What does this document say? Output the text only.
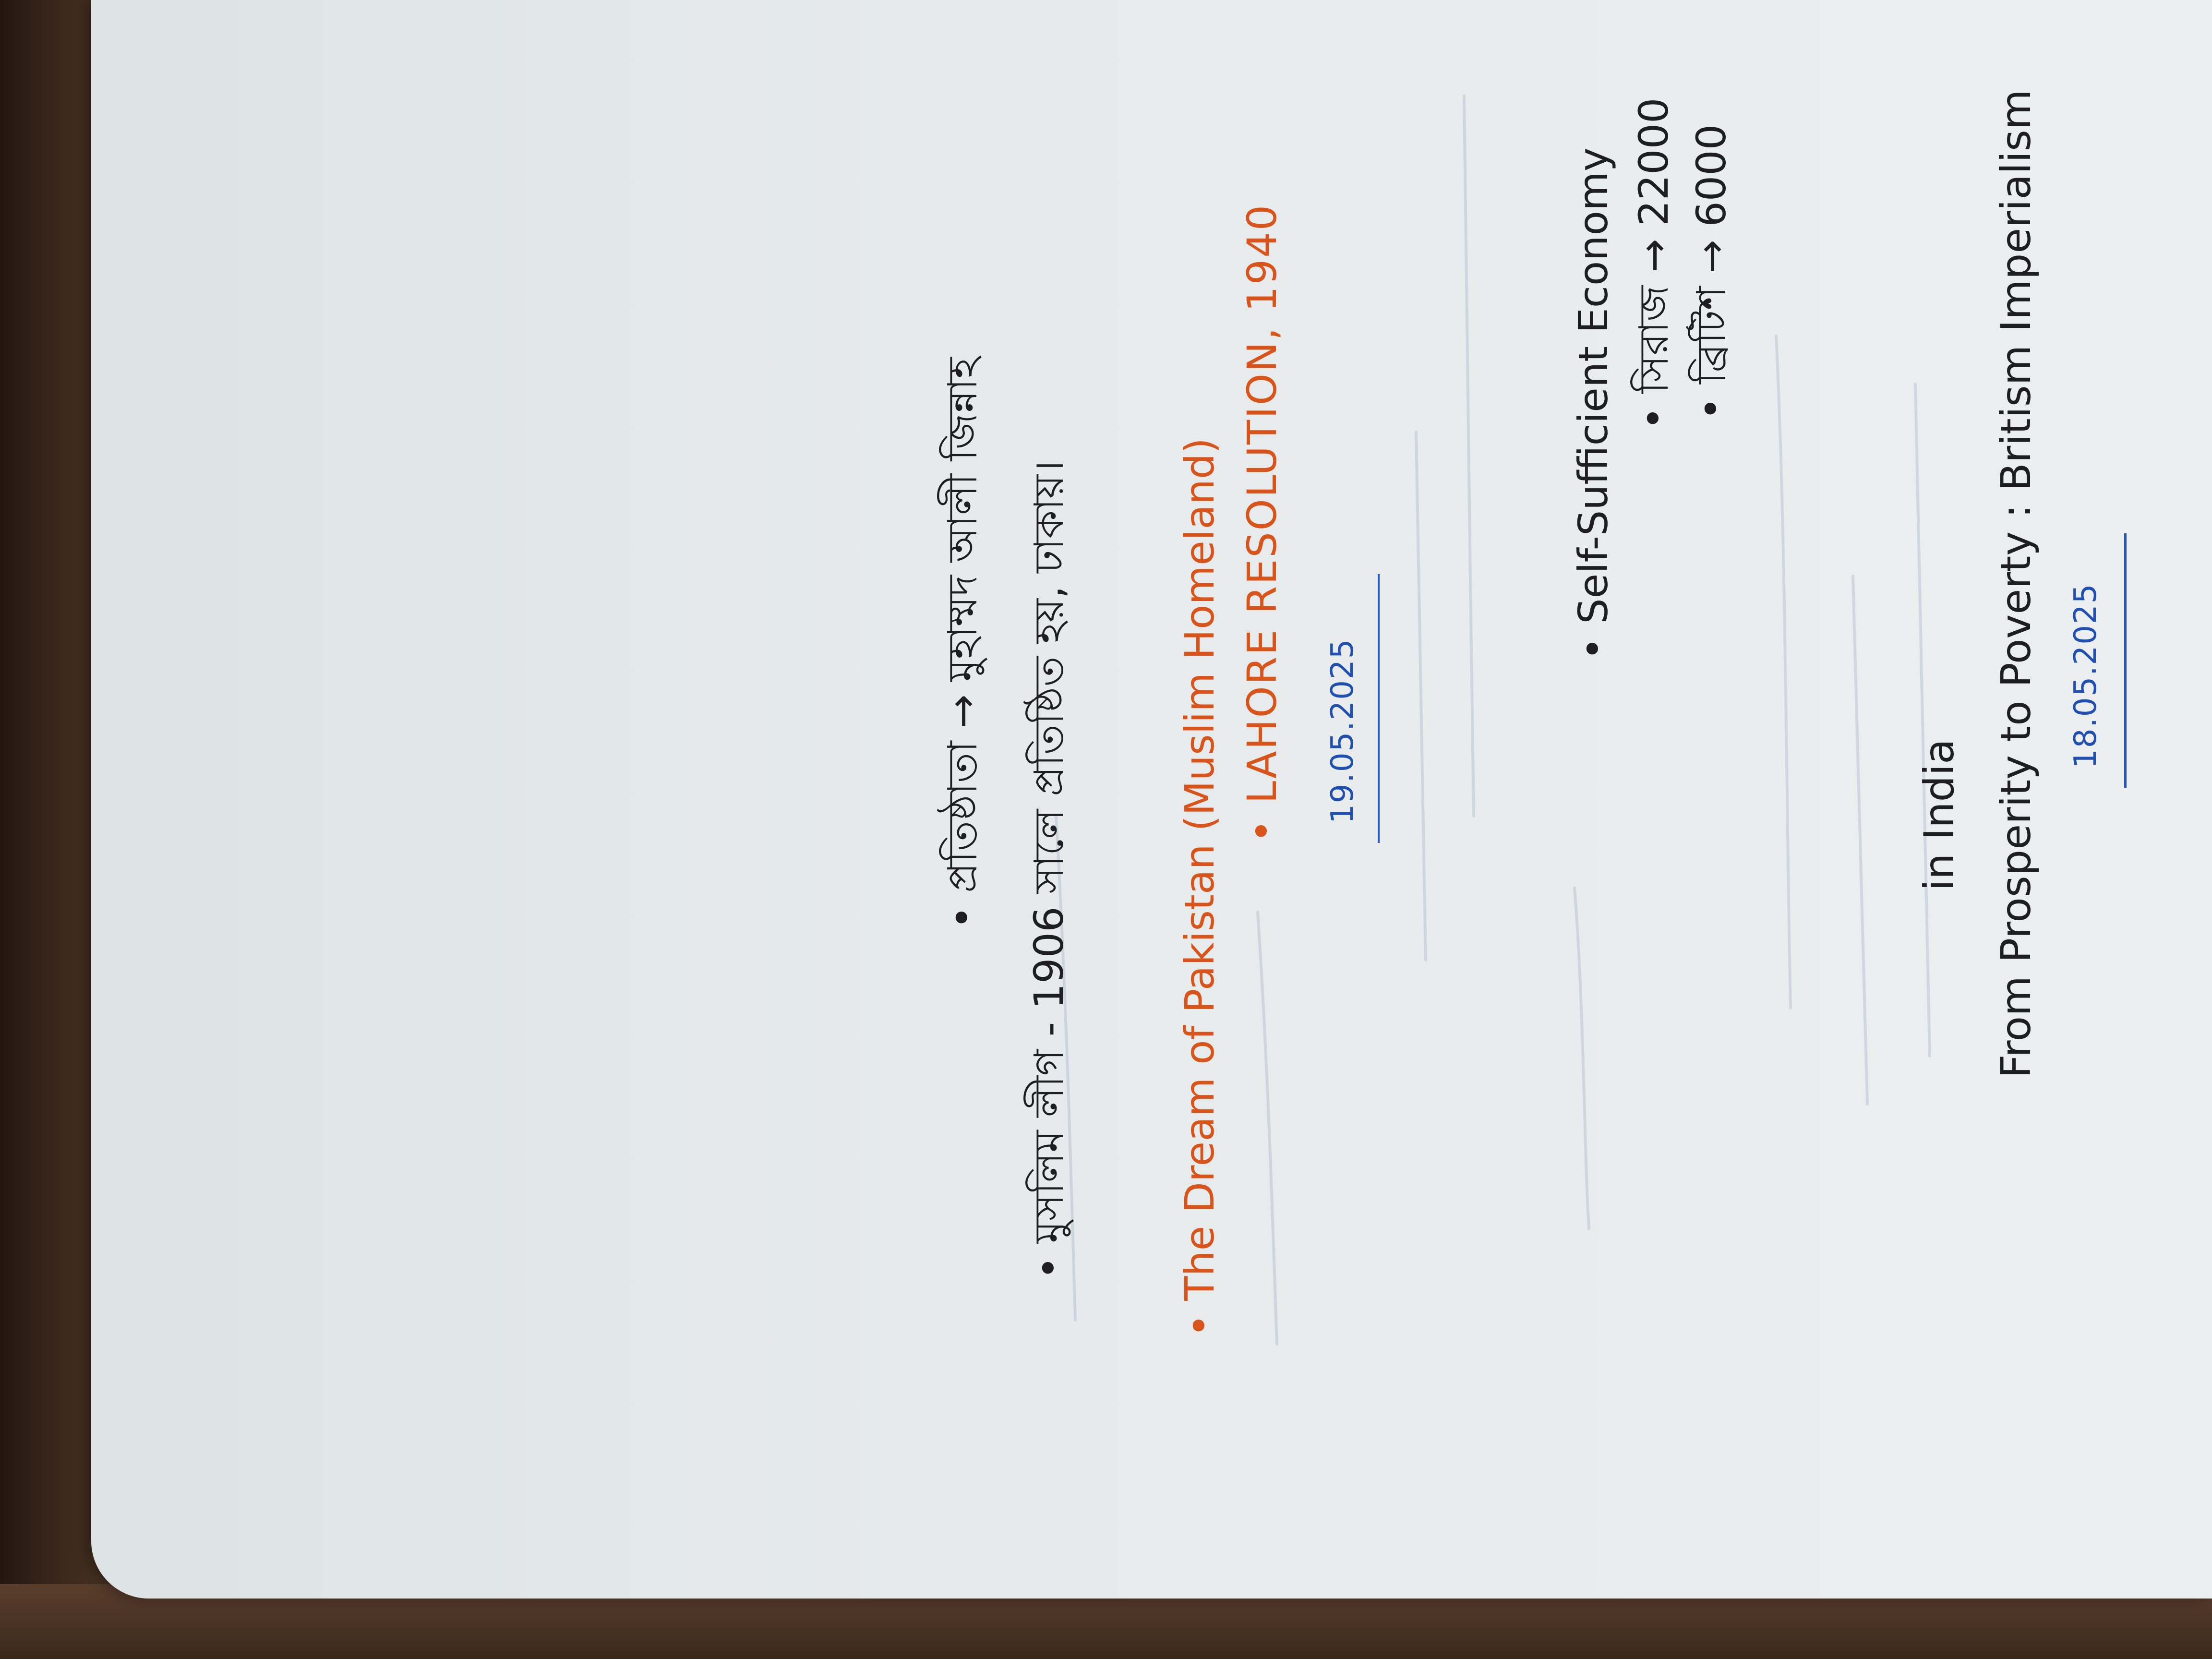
18.05.2025
From Prosperity to Poverty : Britism Imperialism
in India
• ব্রিটিশ → 6000
• সিরাজ → 22000
• Self-Sufficient Economy
19.05.2025
• LAHORE RESOLUTION, 1940
• The Dream of Pakistan (Muslim Homeland)
• মুসলিম লীগ - 1906 সালে প্রতিষ্ঠিত হয়, ঢাকায়।
• প্রতিষ্ঠাতা → মুহাম্মদ আলী জিন্নাহ
